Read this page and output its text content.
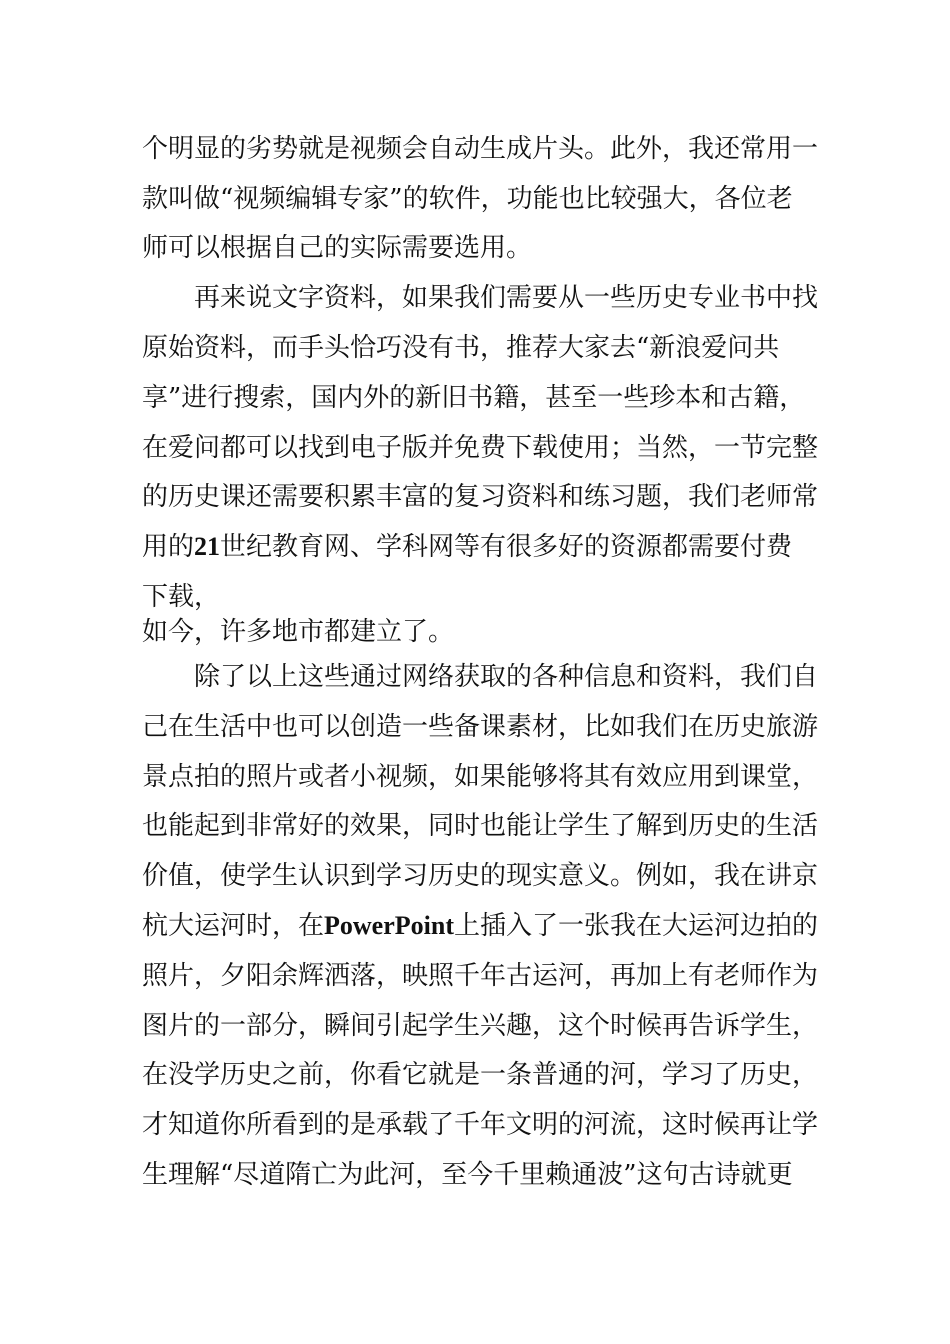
个明显的劣势就是视频会自动生成片头。此外，我还常用一
款叫做“视频编辑专家”的软件，功能也比较强大，各位老
师可以根据自己的实际需要选用。
再来说文字资料，如果我们需要从一些历史专业书中找
原始资料，而手头恰巧没有书，推荐大家去“新浪爱问共
享”进行搜索，国内外的新旧书籍，甚至一些珍本和古籍，
在爱问都可以找到电子版并免费下载使用；当然，一节完整
的历史课还需要积累丰富的复习资料和练习题，我们老师常
用的21世纪教育网、学科网等有很多好的资源都需要付费
下载，
如今，许多地市都建立了。
除了以上这些通过网络获取的各种信息和资料，我们自
己在生活中也可以创造一些备课素材，比如我们在历史旅游
景点拍的照片或者小视频，如果能够将其有效应用到课堂，
也能起到非常好的效果，同时也能让学生了解到历史的生活
价值，使学生认识到学习历史的现实意义。例如，我在讲京
杭大运河时，在PowerPoint上插入了一张我在大运河边拍的
照片，夕阳余辉洒落，映照千年古运河，再加上有老师作为
图片的一部分，瞬间引起学生兴趣，这个时候再告诉学生，
在没学历史之前，你看它就是一条普通的河，学习了历史，
才知道你所看到的是承载了千年文明的河流，这时候再让学
生理解“尽道隋亡为此河，至今千里赖通波”这句古诗就更
